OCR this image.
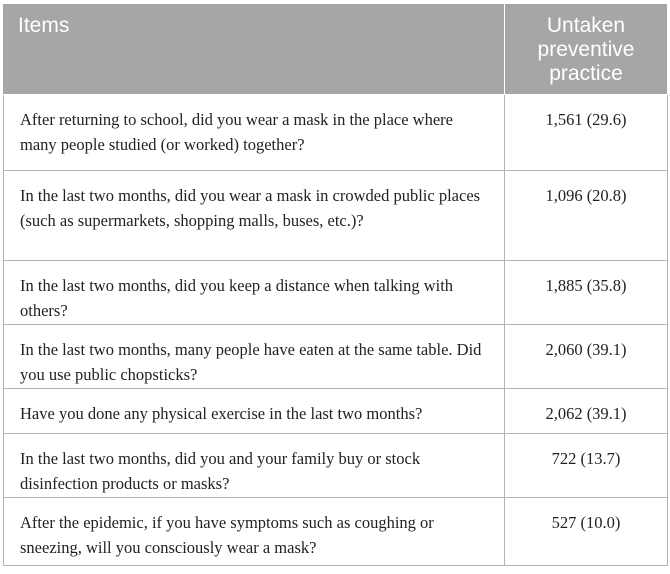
Items	Untaken preventive practice
After returning to school, did you wear a mask in the place where many people studied (or worked) together?	1,561 (29.6)
In the last two months, did you wear a mask in crowded public places (such as supermarkets, shopping malls, buses, etc.)?	1,096 (20.8)
In the last two months, did you keep a distance when talking with others?	1,885 (35.8)
In the last two months, many people have eaten at the same table. Did you use public chopsticks?	2,060 (39.1)
Have you done any physical exercise in the last two months?	2,062 (39.1)
In the last two months, did you and your family buy or stock disinfection products or masks?	722 (13.7)
After the epidemic, if you have symptoms such as coughing or sneezing, will you consciously wear a mask?	527 (10.0)
